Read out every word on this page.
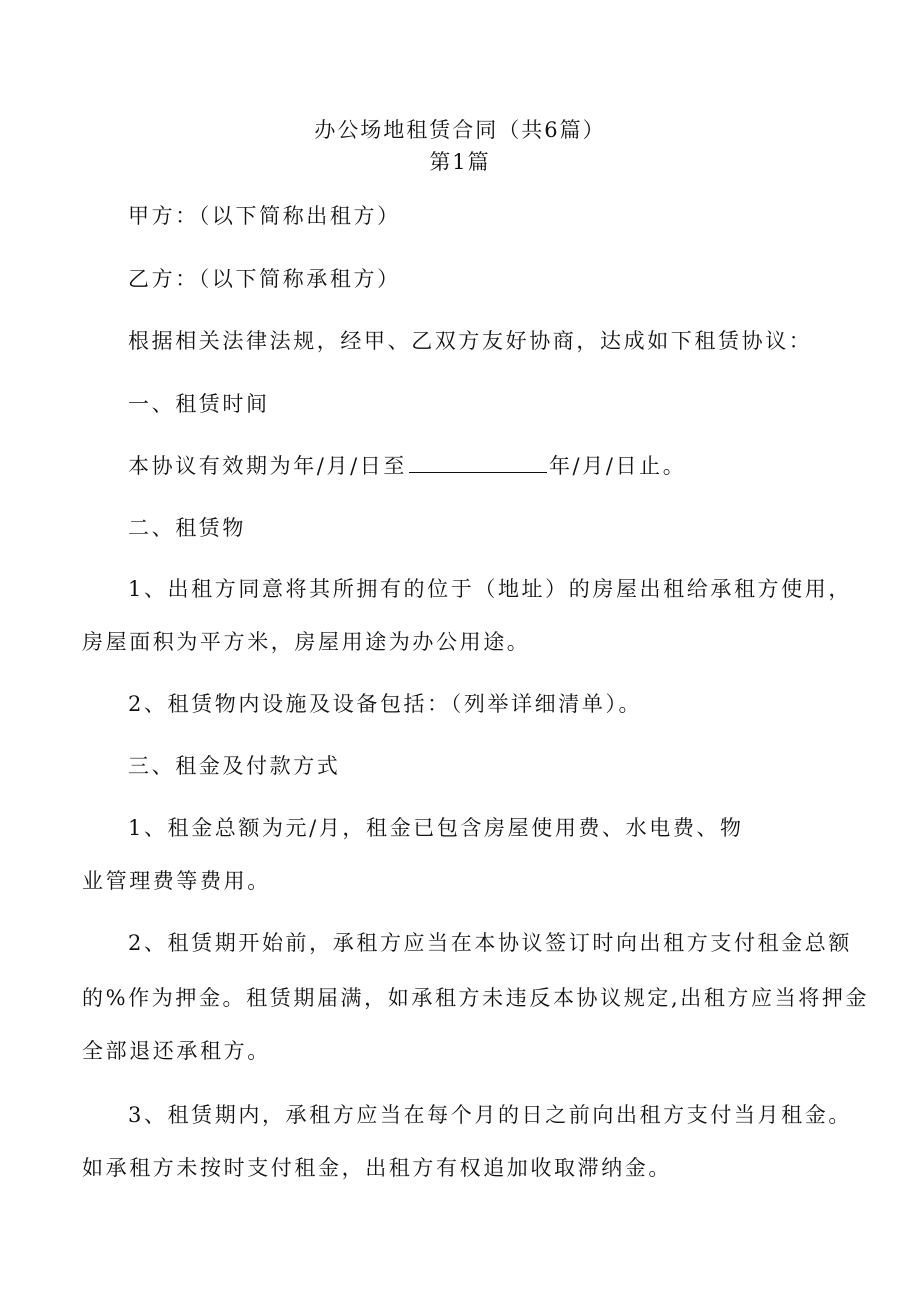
办公场地租赁合同（共6篇）
第1篇

甲方：（以下简称出租方）

乙方：（以下简称承租方）

根据相关法律法规，经甲、乙双方友好协商，达成如下租赁协议：

一、租赁时间

本协议有效期为年/月/日至	年/月/日止。

二、租赁物

1、出租方同意将其所拥有的位于（地址）的房屋出租给承租方使用，

房屋面积为平方米，房屋用途为办公用途。

2、租赁物内设施及设备包括：（列举详细清单）。

三、租金及付款方式

1、租金总额为元/月，租金已包含房屋使用费、水电费、物

业管理费等费用。

2、租赁期开始前，承租方应当在本协议签订时向出租方支付租金总额

的%作为押金。租赁期届满，如承租方未违反本协议规定,出租方应当将押金

全部退还承租方。

3、租赁期内，承租方应当在每个月的日之前向出租方支付当月租金。

如承租方未按时支付租金，出租方有权追加收取滞纳金。
